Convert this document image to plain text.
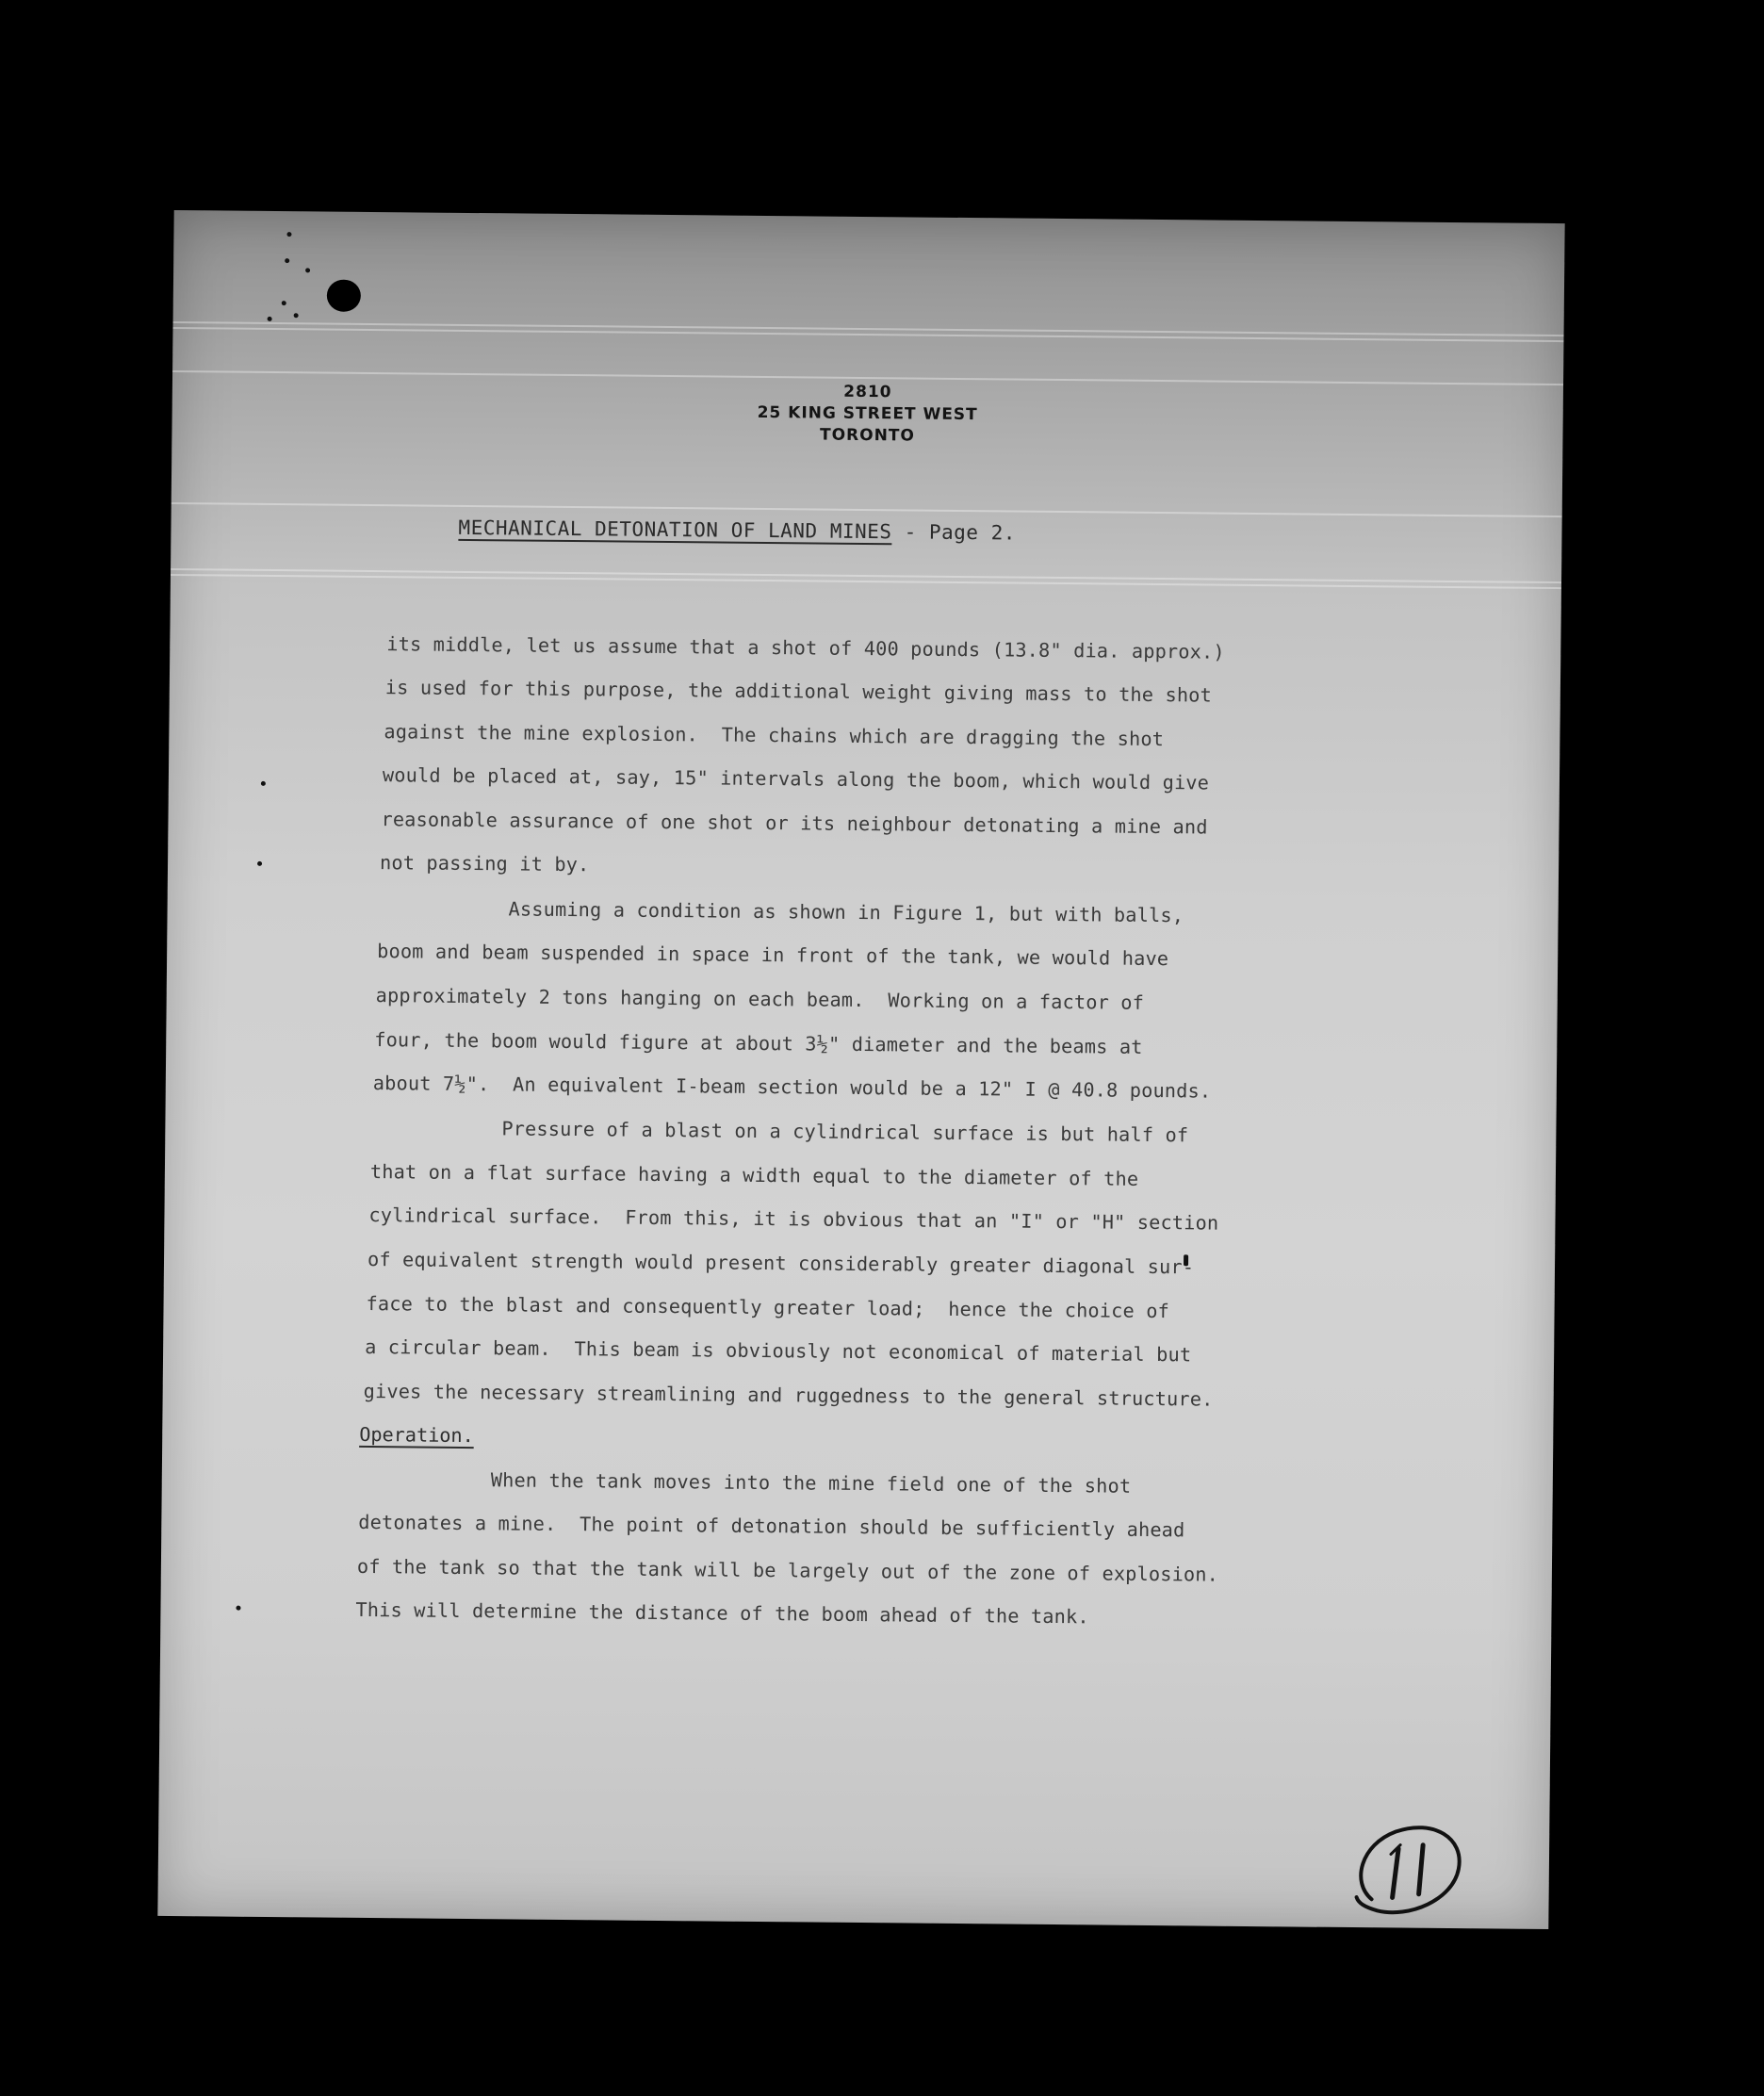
2810
25 KING STREET WEST
TORONTO
MECHANICAL DETONATION OF LAND MINES - Page 2.
its middle, let us assume that a shot of 400 pounds (13.8" dia. approx.)
is used for this purpose, the additional weight giving mass to the shot
against the mine explosion.  The chains which are dragging the shot
would be placed at, say, 15" intervals along the boom, which would give
reasonable assurance of one shot or its neighbour detonating a mine and
not passing it by.
Assuming a condition as shown in Figure 1, but with balls,
boom and beam suspended in space in front of the tank, we would have
approximately 2 tons hanging on each beam.  Working on a factor of
four, the boom would figure at about 3½" diameter and the beams at
about 7½".  An equivalent I-beam section would be a 12" I @ 40.8 pounds.
Pressure of a blast on a cylindrical surface is but half of
that on a flat surface having a width equal to the diameter of the
cylindrical surface.  From this, it is obvious that an "I" or "H" section
of equivalent strength would present considerably greater diagonal sur-
face to the blast and consequently greater load;  hence the choice of
a circular beam.  This beam is obviously not economical of material but
gives the necessary streamlining and ruggedness to the general structure.
Operation.
When the tank moves into the mine field one of the shot
detonates a mine.  The point of detonation should be sufficiently ahead
of the tank so that the tank will be largely out of the zone of explosion.
This will determine the distance of the boom ahead of the tank.
